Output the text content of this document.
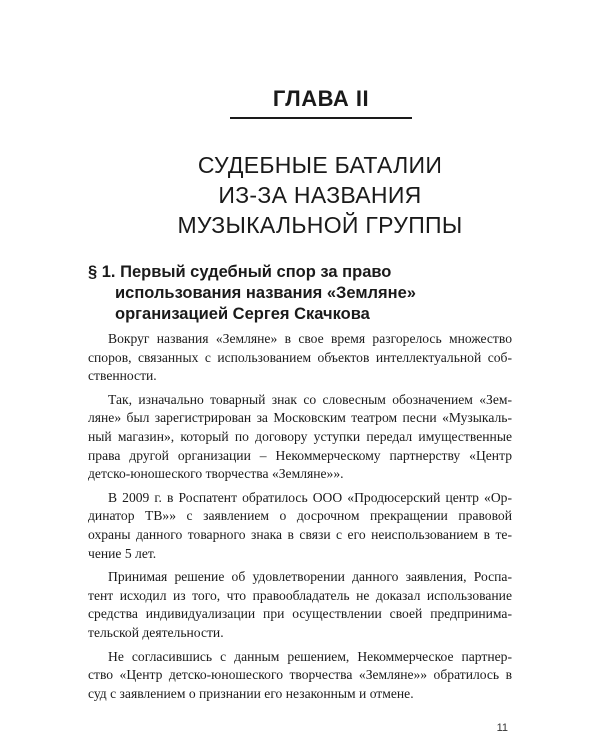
ГЛАВА II
СУДЕБНЫЕ БАТАЛИИ
ИЗ-ЗА НАЗВАНИЯ
МУЗЫКАЛЬНОЙ ГРУППЫ
§ 1. Первый судебный спор за право
использования названия «Земляне»
организацией Сергея Скачкова
Вокруг названия «Земляне» в свое время разгорелось множество
споров, связанных с использованием объектов интеллектуальной соб-
ственности.
Так, изначально товарный знак со словесным обозначением «Зем-
ляне» был зарегистрирован за Московским театром песни «Музыкаль-
ный магазин», который по договору уступки передал имущественные
права другой организации – Некоммерческому партнерству «Центр
детско-юношеского творчества «Земляне»».
В 2009 г. в Роспатент обратилось ООО «Продюсерский центр «Ор-
динатор ТВ»» с заявлением о досрочном прекращении правовой
охраны данного товарного знака в связи с его неиспользованием в те-
чение 5 лет.
Принимая решение об удовлетворении данного заявления, Роспа-
тент исходил из того, что правообладатель не доказал использование
средства индивидуализации при осуществлении своей предпринима-
тельской деятельности.
Не согласившись с данным решением, Некоммерческое партнер-
ство «Центр детско-юношеского творчества «Земляне»» обратилось в
суд с заявлением о признании его незаконным и отмене.
11
